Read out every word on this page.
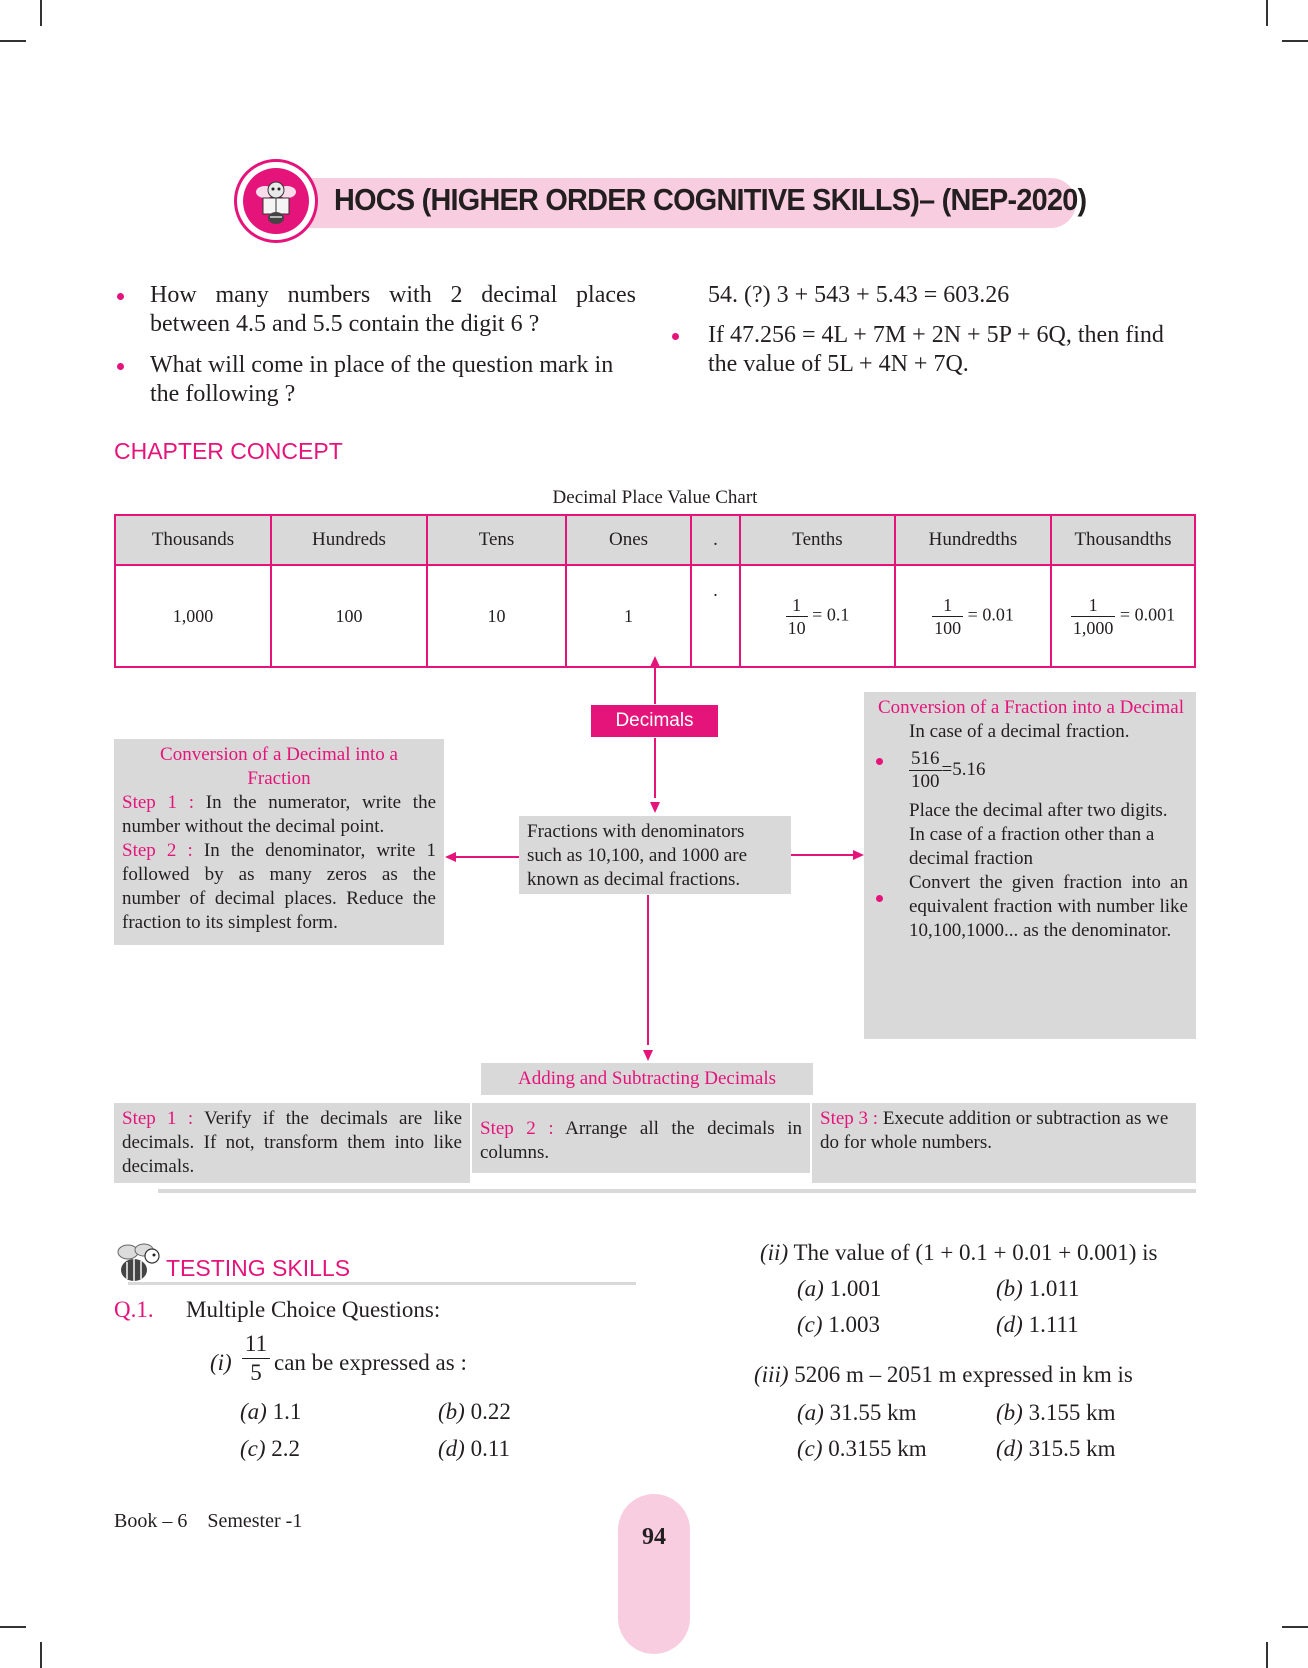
HOCS (HIGHER ORDER COGNITIVE SKILLS)– (NEP-2020)
How many numbers with 2 decimal places between 4.5 and 5.5 contain the digit 6 ?
What will come in place of the question mark in the following ?
54. (?) 3 + 543 + 5.43 = 603.26
If 47.256 = 4L + 7M + 2N + 5P + 6Q, then find the value of 5L + 4N + 7Q.
CHAPTER CONCEPT
Decimal Place Value Chart
Thousands	Hundreds	Tens	Ones	.	Tenths	Hundredths	Thousandths
1,000	100	10	1	.	$\frac{1}{10} = 0.1$	$\frac{1}{100} = 0.01$	$\frac{1}{1,000} = 0.001$
Decimals
Fractions with denominators such as 10,100, and 1000 are known as decimal fractions.
Conversion of a Decimal into a Fraction
Step 1 : In the numerator, write the number without the decimal point.
Step 2 : In the denominator, write 1 followed by as many zeros as the number of decimal places. Reduce the fraction to its simplest form.
Conversion of a Fraction into a Decimal
In case of a decimal fraction.
$\frac{516}{100} =5.16$
Place the decimal after two digits.
In case of a fraction other than a decimal fraction
Convert the given fraction into an equivalent fraction with number like 10,100,1000... as the denominator.
Adding and Subtracting Decimals
Step 1 : Verify if the decimals are like decimals. If not, transform them into like decimals.
Step 2 : Arrange all the decimals in columns.
Step 3 : Execute addition or subtraction as we do for whole numbers.
TESTING SKILLS
Q.1. Multiple Choice Questions:
$(i) \frac{11}{5}$ can be expressed as :
(a) 1.1	(b) 0.22
(c) 2.2	(d) 0.11
(ii) The value of (1 + 0.1 + 0.01 + 0.001) is
(a) 1.001	(b) 1.011
(c) 1.003	(d) 1.111
(iii) 5206 m – 2051 m expressed in km is
(a) 31.55 km	(b) 3.155 km
(c) 0.3155 km	(d) 315.5 km
Book – 6 Semester -1
94
